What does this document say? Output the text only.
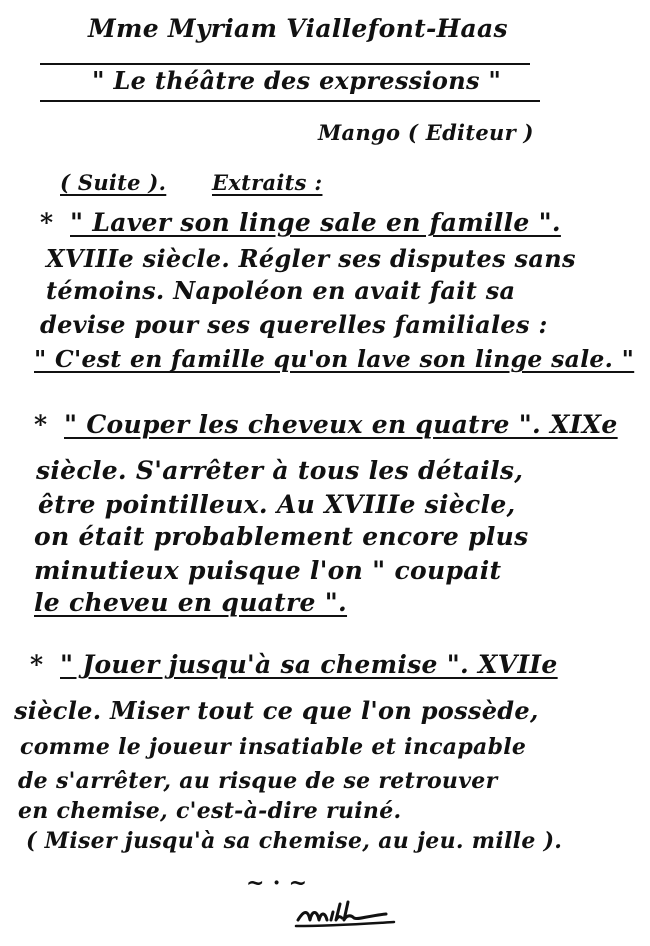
Mme Myriam Viallefont-Haas
" Le théâtre des expressions "
Mango ( Editeur )
( Suite ). Extraits :
* " Laver son linge sale en famille ".
XVIIIe siècle. Régler ses disputes sans
témoins. Napoléon en avait fait sa
devise pour ses querelles familiales :
" C'est en famille qu'on lave son linge sale. "
* " Couper les cheveux en quatre ". XIXe
siècle. S'arrêter à tous les détails,
être pointilleux. Au XVIIIe siècle,
on était probablement encore plus
minutieux puisque l'on " coupait
le cheveu en quatre ".
* " Jouer jusqu'à sa chemise ". XVIIe
siècle. Miser tout ce que l'on possède,
comme le joueur insatiable et incapable
de s'arrêter, au risque de se retrouver
en chemise, c'est-à-dire ruiné.
( Miser jusqu'à sa chemise, au jeu. mille ).
~ · ~
